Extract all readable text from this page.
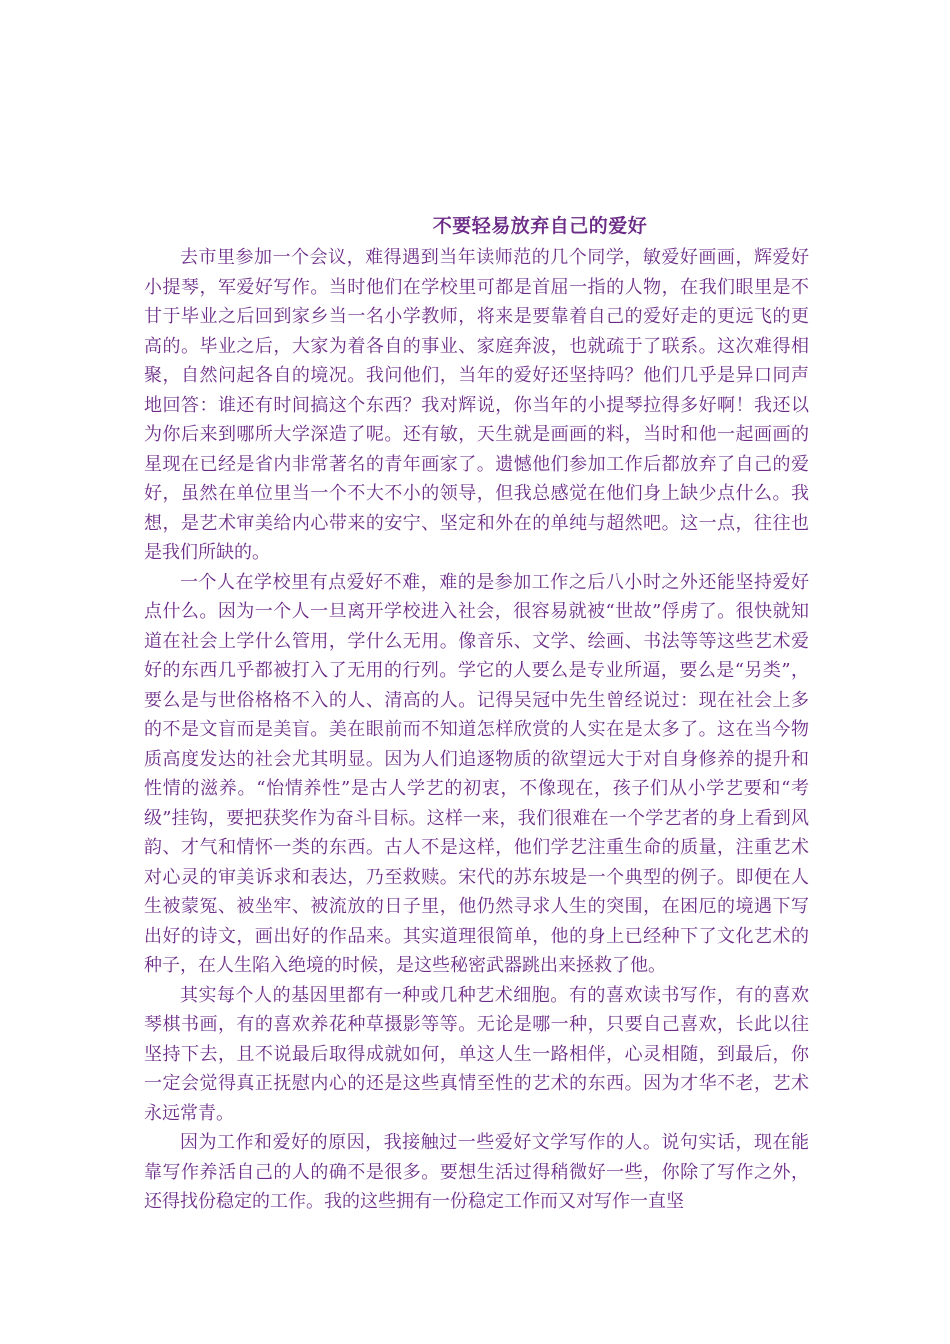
不要轻易放弃自己的爱好

去市里参加一个会议，难得遇到当年读师范的几个同学，敏爱好画画，辉爱好小提琴，军爱好写作。当时他们在学校里可都是首屈一指的人物，在我们眼里是不甘于毕业之后回到家乡当一名小学教师，将来是要靠着自己的爱好走的更远飞的更高的。毕业之后，大家为着各自的事业、家庭奔波，也就疏于了联系。这次难得相聚，自然问起各自的境况。我问他们，当年的爱好还坚持吗？他们几乎是异口同声地回答：谁还有时间搞这个东西？我对辉说，你当年的小提琴拉得多好啊！我还以为你后来到哪所大学深造了呢。还有敏，天生就是画画的料，当时和他一起画画的星现在已经是省内非常著名的青年画家了。遗憾他们参加工作后都放弃了自己的爱好，虽然在单位里当一个不大不小的领导，但我总感觉在他们身上缺少点什么。我想，是艺术审美给内心带来的安宁、坚定和外在的单纯与超然吧。这一点，往往也是我们所缺的。

一个人在学校里有点爱好不难，难的是参加工作之后八小时之外还能坚持爱好点什么。因为一个人一旦离开学校进入社会，很容易就被“世故”俘虏了。很快就知道在社会上学什么管用，学什么无用。像音乐、文学、绘画、书法等等这些艺术爱好的东西几乎都被打入了无用的行列。学它的人要么是专业所逼，要么是“另类”，要么是与世俗格格不入的人、清高的人。记得吴冠中先生曾经说过：现在社会上多的不是文盲而是美盲。美在眼前而不知道怎样欣赏的人实在是太多了。这在当今物质高度发达的社会尤其明显。因为人们追逐物质的欲望远大于对自身修养的提升和性情的滋养。“怡情养性”是古人学艺的初衷，不像现在，孩子们从小学艺要和“考级”挂钩，要把获奖作为奋斗目标。这样一来，我们很难在一个学艺者的身上看到风韵、才气和情怀一类的东西。古人不是这样，他们学艺注重生命的质量，注重艺术对心灵的审美诉求和表达，乃至救赎。宋代的苏东坡是一个典型的例子。即便在人生被蒙冤、被坐牢、被流放的日子里，他仍然寻求人生的突围，在困厄的境遇下写出好的诗文，画出好的作品来。其实道理很简单，他的身上已经种下了文化艺术的种子，在人生陷入绝境的时候，是这些秘密武器跳出来拯救了他。

其实每个人的基因里都有一种或几种艺术细胞。有的喜欢读书写作，有的喜欢琴棋书画，有的喜欢养花种草摄影等等。无论是哪一种，只要自己喜欢，长此以往坚持下去，且不说最后取得成就如何，单这人生一路相伴，心灵相随，到最后，你一定会觉得真正抚慰内心的还是这些真情至性的艺术的东西。因为才华不老，艺术永远常青。

因为工作和爱好的原因，我接触过一些爱好文学写作的人。说句实话，现在能靠写作养活自己的人的确不是很多。要想生活过得稍微好一些，你除了写作之外，还得找份稳定的工作。我的这些拥有一份稳定工作而又对写作一直坚
